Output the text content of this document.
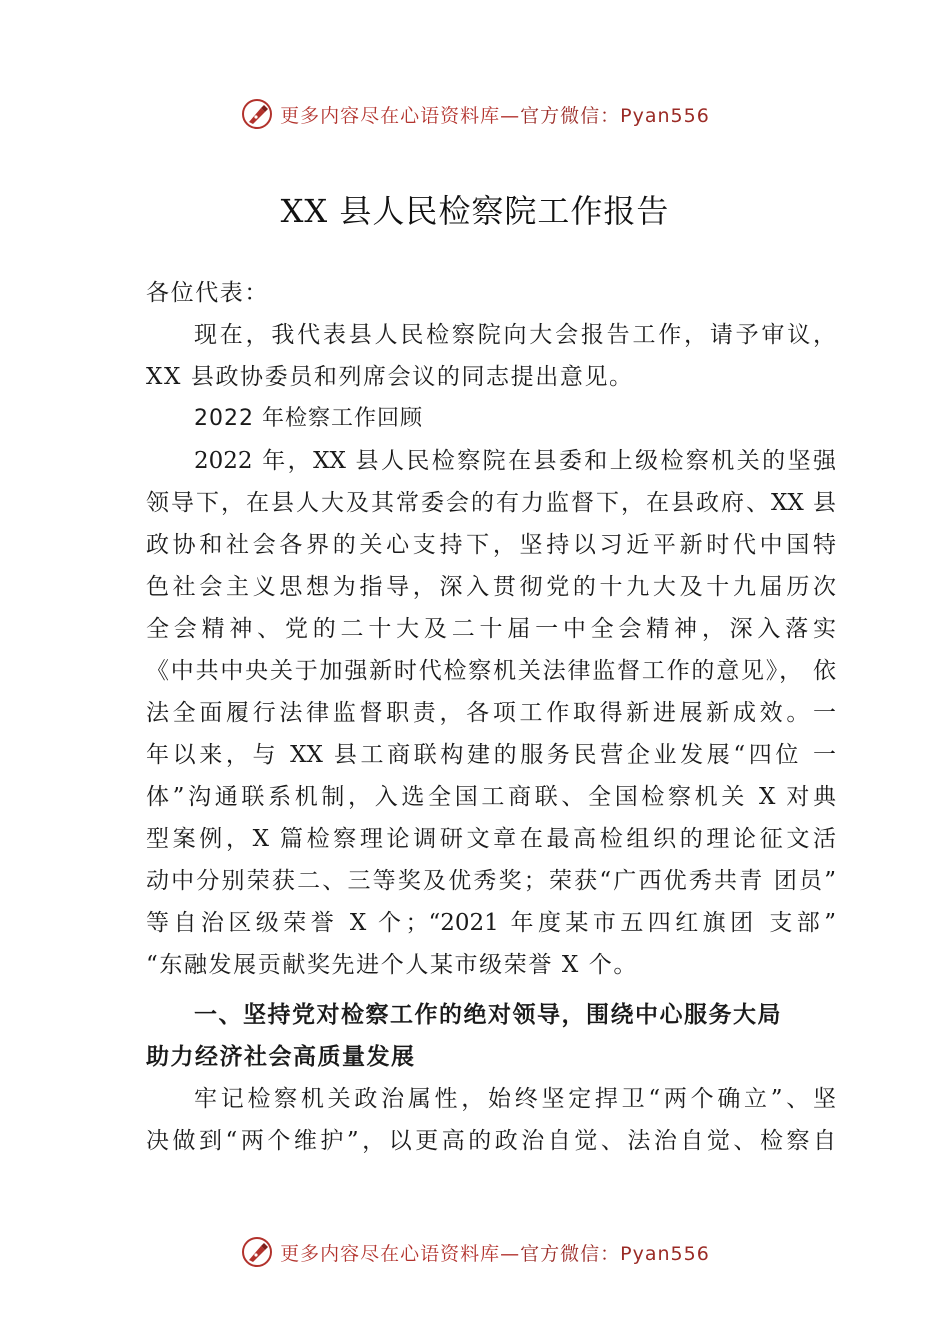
更多内容尽在心语资料库—官方微信：Pyan556
XX 县人民检察院工作报告
各位代表：
现在，我代表县人民检察院向大会报告工作，请予审议，
XX 县政协委员和列席会议的同志提出意见。
2022 年检察工作回顾
2022 年，XX 县人民检察院在县委和上级检察机关的坚强
领导下，在县人大及其常委会的有力监督下，在县政府、XX 县
政协和社会各界的关心支持下，坚持以习近平新时代中国特
色社会主义思想为指导，深入贯彻党的十九大及十九届历次
全会精神、党的二十大及二十届一中全会精神，深入落实
《中共中央关于加强新时代检察机关法律监督工作的意见》， 依
法全面履行法律监督职责，各项工作取得新进展新成效。一
年以来，与 XX 县工商联构建的服务民营企业发展“四位 一
体”沟通联系机制，入选全国工商联、全国检察机关 X 对典
型案例，X 篇检察理论调研文章在最高检组织的理论征文活
动中分别荣获二、三等奖及优秀奖；荣获“广西优秀共青 团员”
等自治区级荣誉 X 个；“2021 年度某市五四红旗团 支部”
“东融发展贡献奖先进个人某市级荣誉 X 个。
一、坚持党对检察工作的绝对领导，围绕中心服务大局
助力经济社会高质量发展
牢记检察机关政治属性，始终坚定捍卫“两个确立”、坚
决做到“两个维护”，以更高的政治自觉、法治自觉、检察自
更多内容尽在心语资料库—官方微信：Pyan556
